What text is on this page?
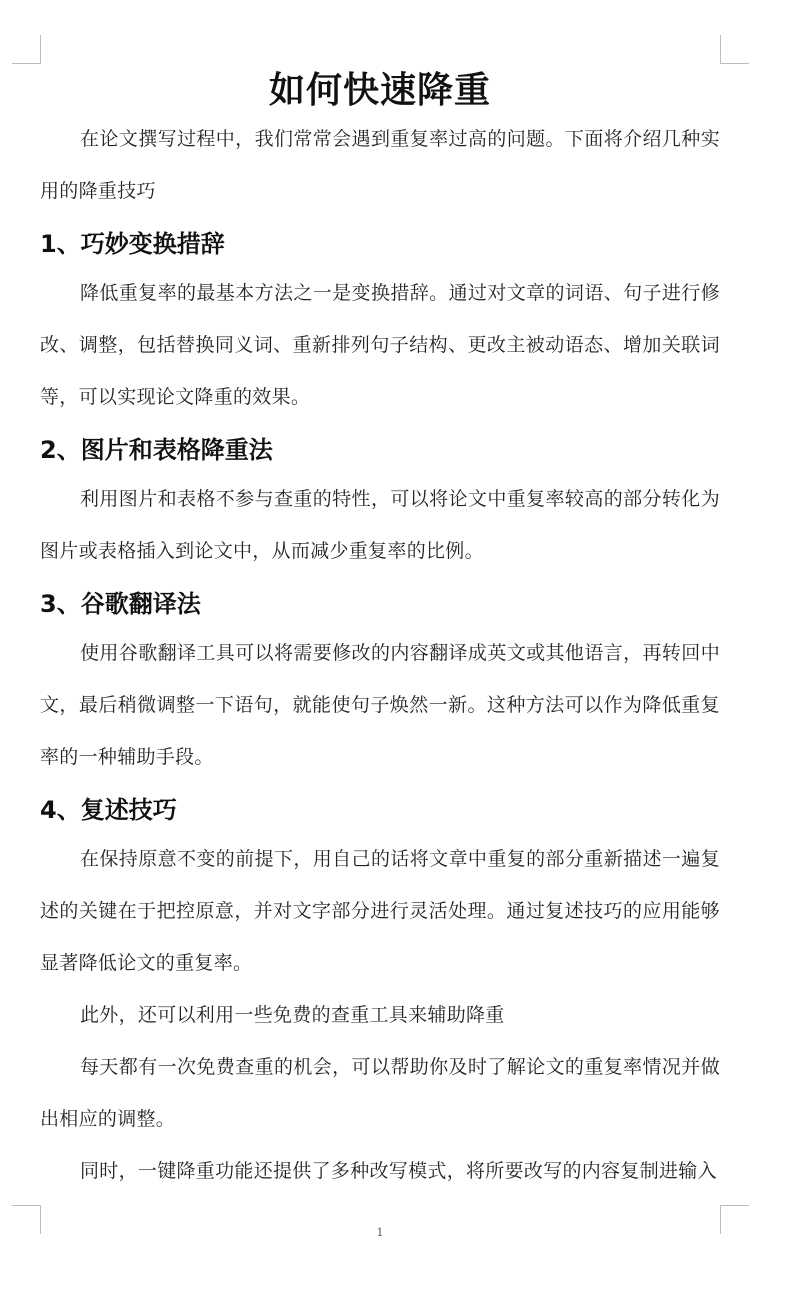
如何快速降重

在论文撰写过程中，我们常常会遇到重复率过高的问题。下面将介绍几种实用的降重技巧

1、巧妙变换措辞

降低重复率的最基本方法之一是变换措辞。通过对文章的词语、句子进行修改、调整，包括替换同义词、重新排列句子结构、更改主被动语态、增加关联词等，可以实现论文降重的效果。

2、图片和表格降重法

利用图片和表格不参与查重的特性，可以将论文中重复率较高的部分转化为图片或表格插入到论文中，从而减少重复率的比例。

3、谷歌翻译法

使用谷歌翻译工具可以将需要修改的内容翻译成英文或其他语言，再转回中文，最后稍微调整一下语句，就能使句子焕然一新。这种方法可以作为降低重复率的一种辅助手段。

4、复述技巧

在保持原意不变的前提下，用自己的话将文章中重复的部分重新描述一遍复述的关键在于把控原意，并对文字部分进行灵活处理。通过复述技巧的应用能够显著降低论文的重复率。

此外，还可以利用一些免费的查重工具来辅助降重

每天都有一次免费查重的机会，可以帮助你及时了解论文的重复率情况并做出相应的调整。

同时，一键降重功能还提供了多种改写模式，将所要改写的内容复制进输入

1
